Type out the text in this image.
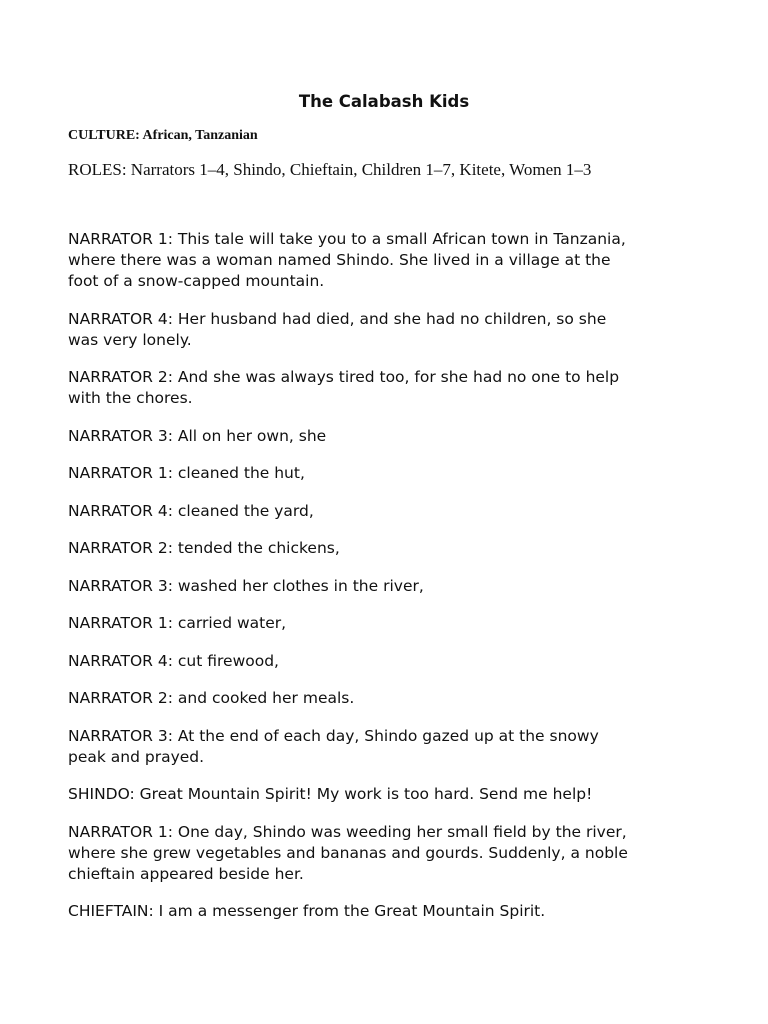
The Calabash Kids
CULTURE: African, Tanzanian
ROLES: Narrators 1–4, Shindo, Chieftain, Children 1–7, Kitete, Women 1–3
NARRATOR 1: This tale will take you to a small African town in Tanzania,
where there was a woman named Shindo. She lived in a village at the
foot of a snow-capped mountain.
NARRATOR 4: Her husband had died, and she had no children, so she
was very lonely.
NARRATOR 2: And she was always tired too, for she had no one to help
with the chores.
NARRATOR 3: All on her own, she
NARRATOR 1: cleaned the hut,
NARRATOR 4: cleaned the yard,
NARRATOR 2: tended the chickens,
NARRATOR 3: washed her clothes in the river,
NARRATOR 1: carried water,
NARRATOR 4: cut firewood,
NARRATOR 2: and cooked her meals.
NARRATOR 3: At the end of each day, Shindo gazed up at the snowy
peak and prayed.
SHINDO: Great Mountain Spirit! My work is too hard. Send me help!
NARRATOR 1: One day, Shindo was weeding her small field by the river,
where she grew vegetables and bananas and gourds. Suddenly, a noble
chieftain appeared beside her.
CHIEFTAIN: I am a messenger from the Great Mountain Spirit.
